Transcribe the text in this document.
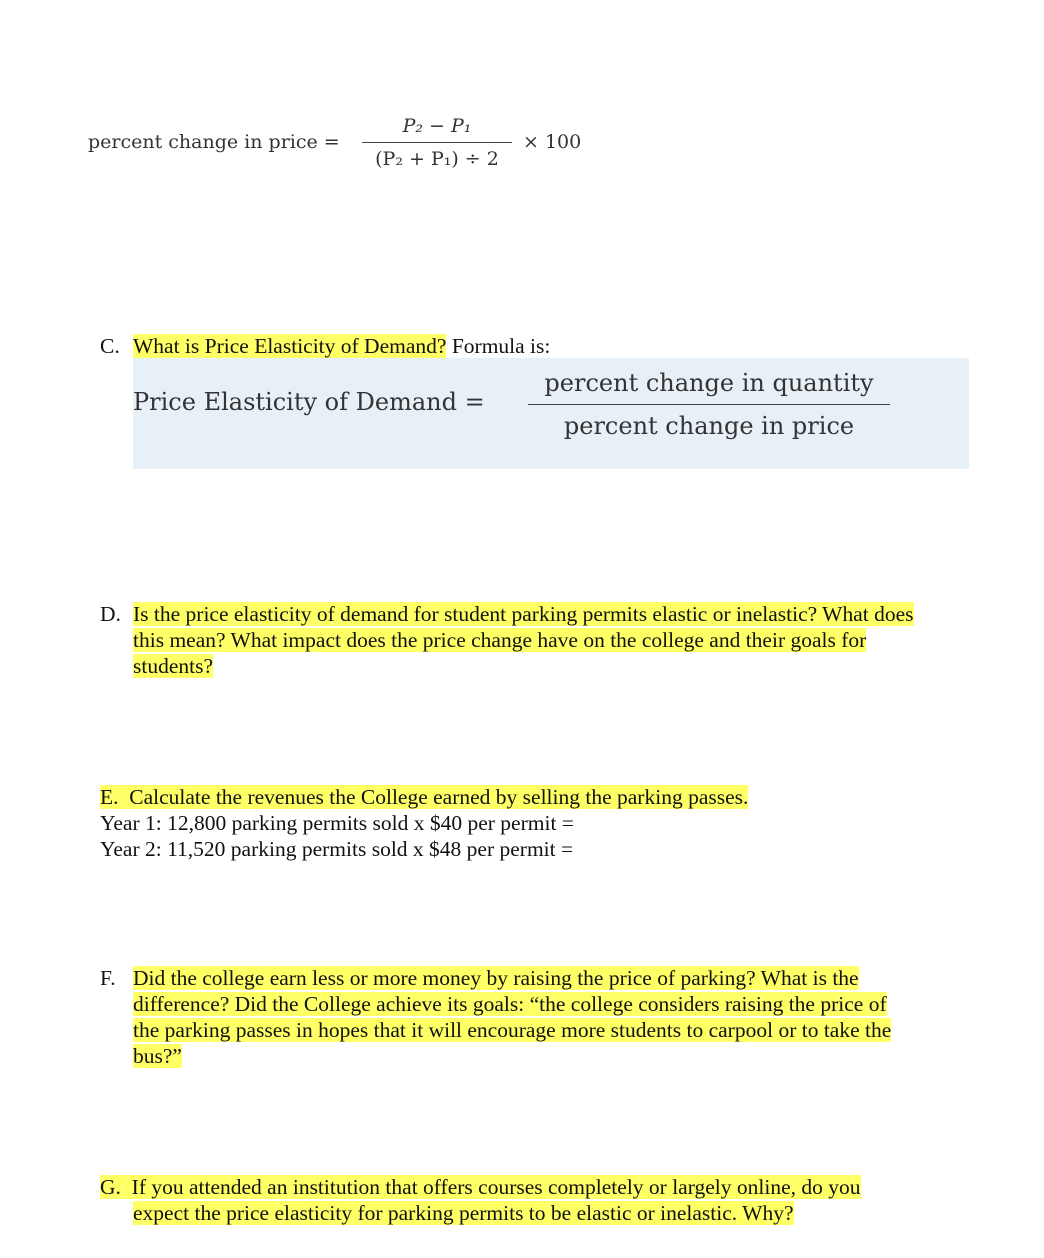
percent change in price =
P₂ − P₁
(P₂ + P₁) ÷ 2
× 100
C. What is Price Elasticity of Demand? Formula is:
Price Elasticity of Demand =
percent change in quantity
percent change in price
D. Is the price elasticity of demand for student parking permits elastic or inelastic? What does
this mean? What impact does the price change have on the college and their goals for
students?
E. Calculate the revenues the College earned by selling the parking passes.
Year 1: 12,800 parking permits sold x $40 per permit =
Year 2: 11,520 parking permits sold x $48 per permit =
F. Did the college earn less or more money by raising the price of parking? What is the
difference? Did the College achieve its goals: “the college considers raising the price of
the parking passes in hopes that it will encourage more students to carpool or to take the
bus?”
G. If you attended an institution that offers courses completely or largely online, do you
expect the price elasticity for parking permits to be elastic or inelastic. Why?
